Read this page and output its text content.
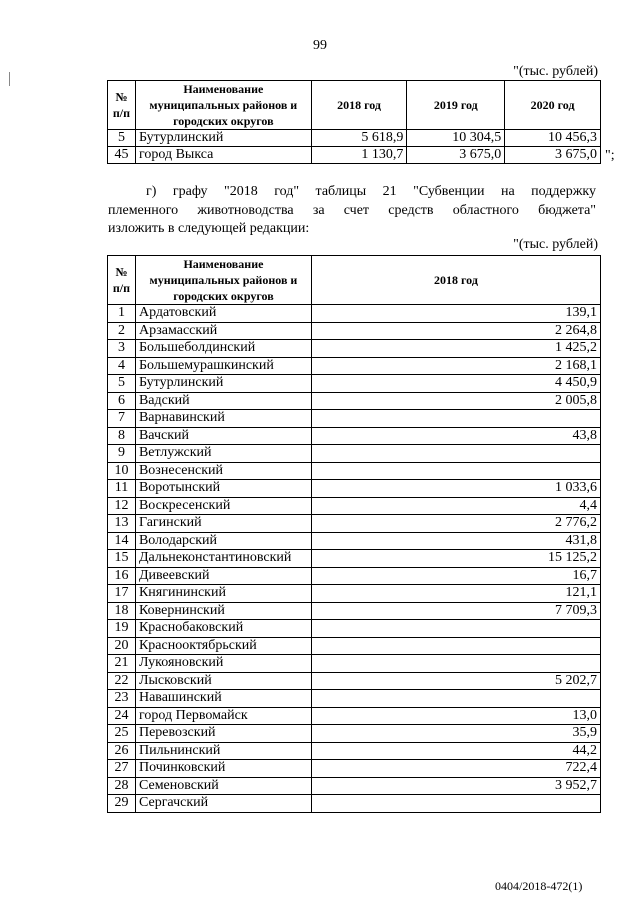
99
"(тыс. рублей)
№ п/п	Наименование муниципальных районов и городских округов	2018 год	2019 год	2020 год
5	Бутурлинский	5 618,9	10 304,5	10 456,3
45	город Выкса	1 130,7	3 675,0	3 675,0 ";
г) графу "2018 год" таблицы 21 "Субвенции на поддержку
племенного животноводства за счет средств областного бюджета"
изложить в следующей редакции:
"(тыс. рублей)
№ п/п	Наименование муниципальных районов и городских округов	2018 год
1	Ардатовский	139,1
2	Арзамасский	2 264,8
3	Большеболдинский	1 425,2
4	Большемурашкинский	2 168,1
5	Бутурлинский	4 450,9
6	Вадский	2 005,8
7	Варнавинский	
8	Вачский	43,8
9	Ветлужский	
10	Вознесенский	
11	Воротынский	1 033,6
12	Воскресенский	4,4
13	Гагинский	2 776,2
14	Володарский	431,8
15	Дальнеконстантиновский	15 125,2
16	Дивеевский	16,7
17	Княгининский	121,1
18	Ковернинский	7 709,3
19	Краснобаковский	
20	Краснооктябрьский	
21	Лукояновский	
22	Лысковский	5 202,7
23	Навашинский	
24	город Первомайск	13,0
25	Перевозский	35,9
26	Пильнинский	44,2
27	Починковский	722,4
28	Семеновский	3 952,7
29	Сергачский	
0404/2018-472(1)
